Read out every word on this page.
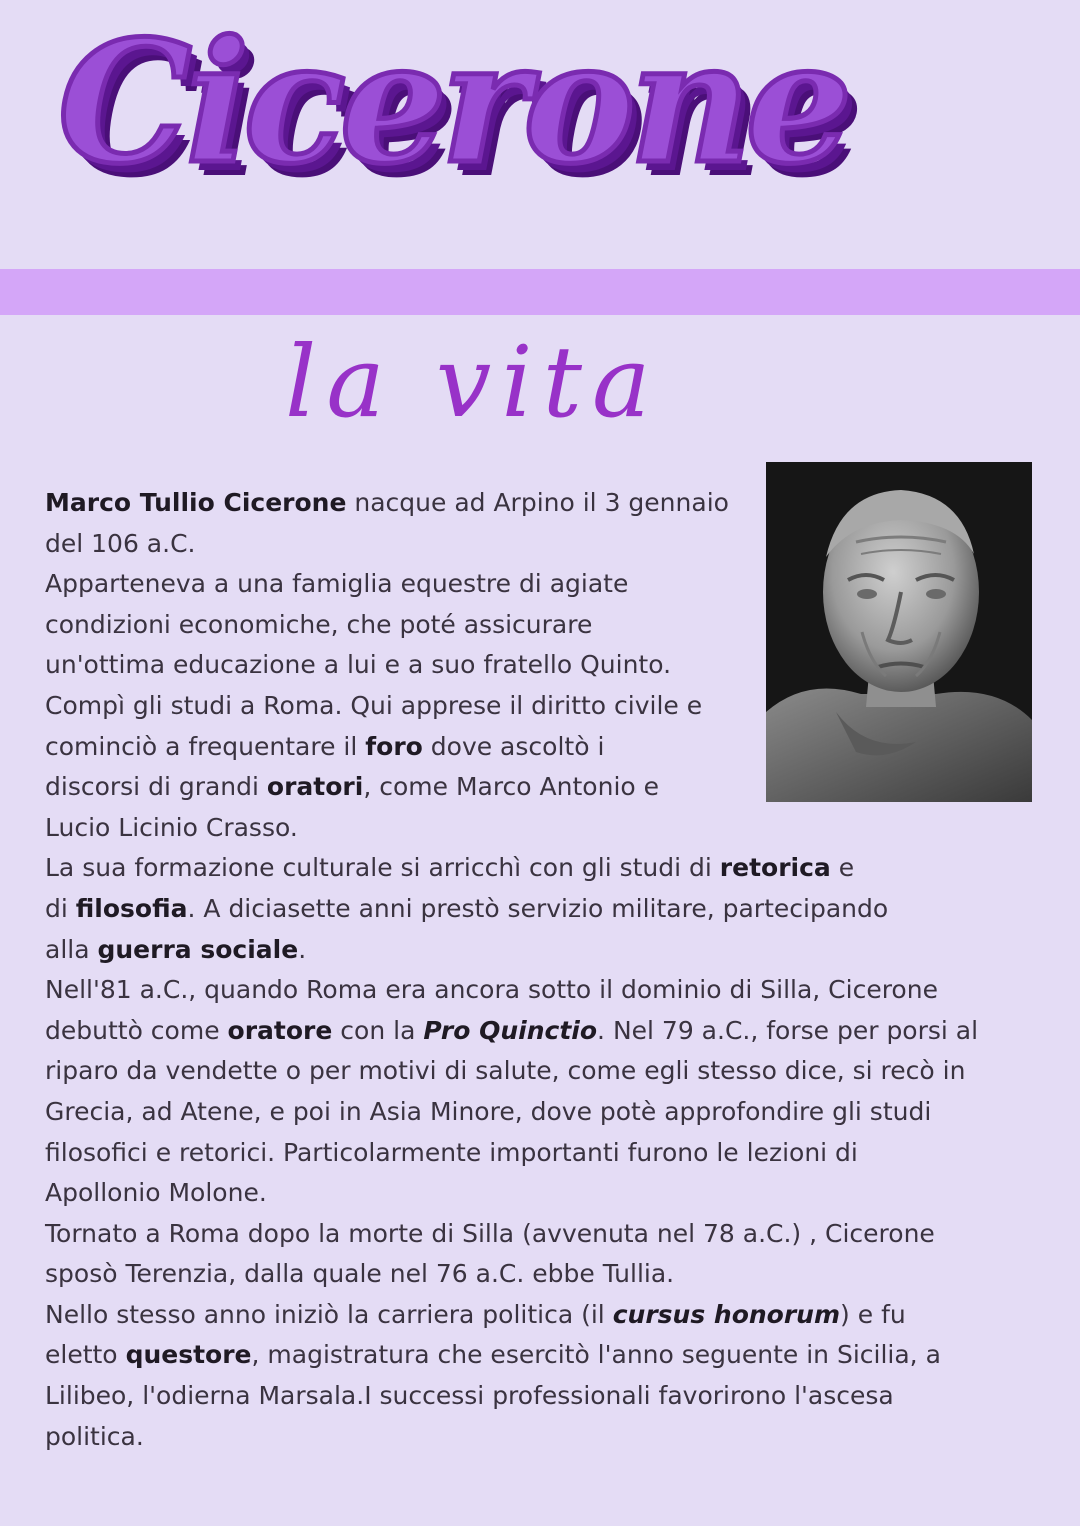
Cicerone
la vita
Marco Tullio Cicerone nacque ad Arpino il 3 gennaio
del 106 a.C.
Apparteneva a una famiglia equestre di agiate
condizioni economiche, che poté assicurare
un'ottima educazione a lui e a suo fratello Quinto.
Compì gli studi a Roma. Qui apprese il diritto civile e
cominciò a frequentare il foro dove ascoltò i
discorsi di grandi oratori, come Marco Antonio e
Lucio Licinio Crasso.
La sua formazione culturale si arricchì con gli studi di retorica e
di filosofia. A diciasette anni prestò servizio militare, partecipando
alla guerra sociale.
Nell'81 a.C., quando Roma era ancora sotto il dominio di Silla, Cicerone
debuttò come oratore con la Pro Quinctio. Nel 79 a.C., forse per porsi al
riparo da vendette o per motivi di salute, come egli stesso dice, si recò in
Grecia, ad Atene, e poi in Asia Minore, dove potè approfondire gli studi
filosofici e retorici. Particolarmente importanti furono le lezioni di
Apollonio Molone.
Tornato a Roma dopo la morte di Silla (avvenuta nel 78 a.C.) , Cicerone
sposò Terenzia, dalla quale nel 76 a.C. ebbe Tullia.
Nello stesso anno iniziò la carriera politica (il cursus honorum) e fu
eletto questore, magistratura che esercitò l'anno seguente in Sicilia, a
Lilibeo, l'odierna Marsala.I successi professionali favorirono l'ascesa
politica.
